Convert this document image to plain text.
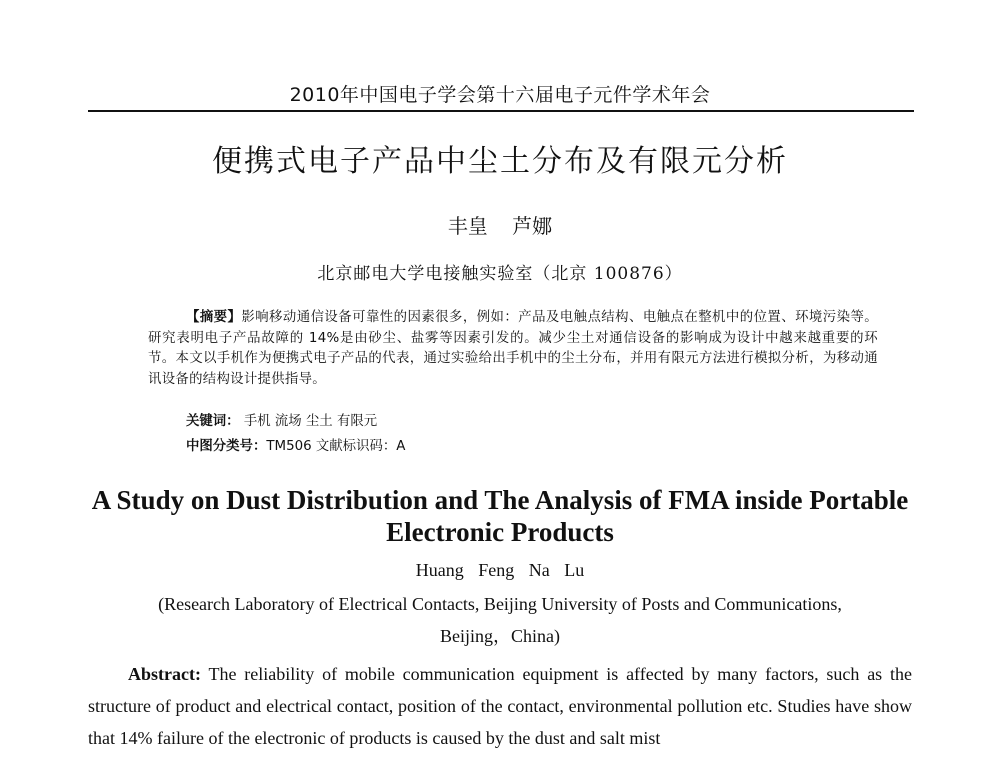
2010年中国电子学会第十六届电子元件学术年会
便携式电子产品中尘土分布及有限元分析
丰皇 芦娜
北京邮电大学电接触实验室（北京 100876）
【摘要】影响移动通信设备可靠性的因素很多，例如：产品及电触点结构、电触点在整机中的位置、环境污染等。研究表明电子产品故障的 14%是由砂尘、盐雾等因素引发的。减少尘土对通信设备的影响成为设计中越来越重要的环节。本文以手机作为便携式电子产品的代表，通过实验给出手机中的尘土分布，并用有限元方法进行模拟分析，为移动通讯设备的结构设计提供指导。
关键词： 手机 流场 尘土 有限元
中图分类号：TM506 文献标识码：A
A Study on Dust Distribution and The Analysis of FMA inside Portable Electronic Products
Huang Feng Na Lu
(Research Laboratory of Electrical Contacts, Beijing University of Posts and Communications,
Beijing，China)
Abstract: The reliability of mobile communication equipment is affected by many factors, such as the structure of product and electrical contact, position of the contact, environmental pollution etc. Studies have show that 14% failure of the electronic of products is caused by the dust and salt mist
